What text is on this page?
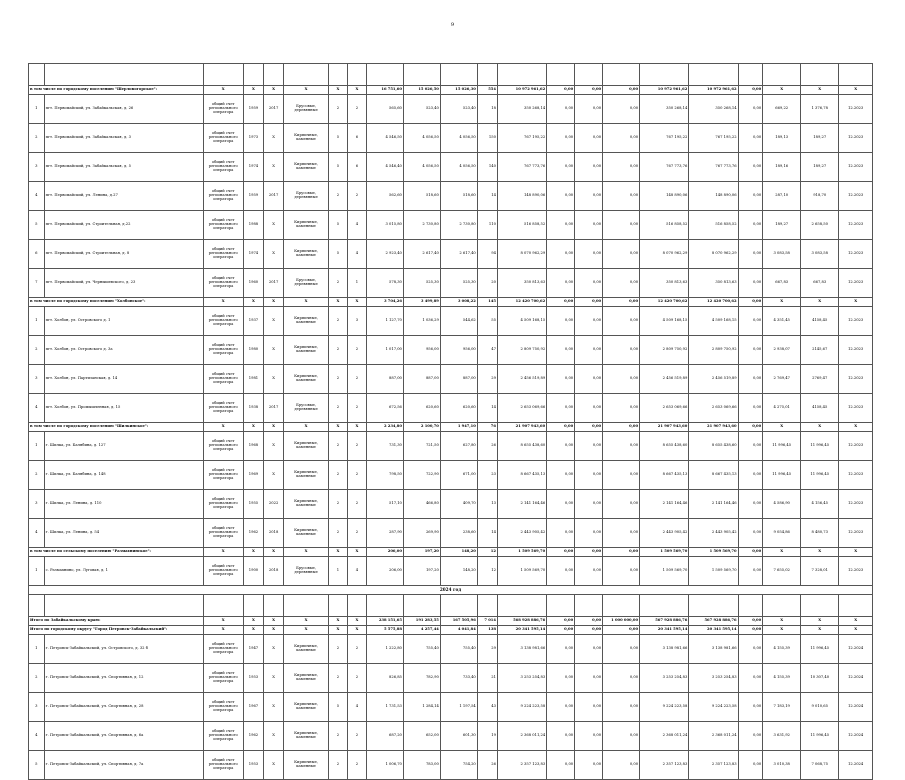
9

в том числе по городскому поселению "Шерловогорское":		X	X	X	X	X	X	16 751,60	15 026,50	15 026,30	554	10 972 961,62	0,00	0,00	0,00	10 972 961,62	10 972 961,62	0,00	X	X	X
1	пгт. Первомайский, ул. Забайкальская, д. 26	общий счет регионального оператора	1959	2017	Брусовые, деревянные	2	2	565,60	523,40	523,40	18	350 268,14	0,00	0,00	0,00	350 268,14	350 268,14	0,00	669,22	1 376,78	12.2023
2	пгт. Первомайский, ул. Забайкальская, д. 3	общий счет регионального оператора	1973	X	Кирпичные, каменные	5	6	4 546,50	4 056,50	4 056,50	150	767 195,22	0,00	0,00	0,00	767 195,22	767 195,22	0,00	189,13	189,27	12.2023
3	пгт. Первомайский, ул. Забайкальская, д. 5	общий счет регионального оператора	1974	X	Кирпичные, каменные	5	6	4 546,40	4 056,50	4 056,50	140	767 773,76	0,00	0,00	0,00	767 773,76	767 773,76	0,00	189,16	189,27	12.2023
4	пгт. Первомайский, ул. Ленина, д.27	общий счет регионального оператора	1959	2017	Брусовые, деревянные	2	2	562,60	518,60	518,60	14	148 890,06	0,00	0,00	0,00	148 890,06	148 890,06	0,00	287,10	918,70	12.2023
5	пгт. Первомайский, ул. Строительная, д.22	общий счет регионального оператора	1988	X	Кирпичные, каменные	5	4	3 015,80	2 730,80	2 730,80	110	516 858,52	0,00	0,00	0,00	516 858,52	516 858,52	0,00	189,27	2 658,50	12.2023
6	пгт. Первомайский, ул. Строительная, д. 8	общий счет регионального оператора	1974	X	Кирпичные, каменные	5	4	2 923,40	2 617,40	2 617,40	94	8 070 962,29	0,00	0,00	0,00	8 070 962,29	8 070 962,29	0,00	3 083,58	3 083,58	12.2023
7	пгт. Первомайский, ул. Чернышевского, д. 23	общий счет регионального оператора	1960	2017	Брусовые, деревянные	2	1	578,30	525,30	525,30	20	350 813,63	0,00	0,00	0,00	350 813,63	350 813,63	0,00	667,83	667,83	12.2023
в том числе по городскому поселению "Холбонское":		X	X	X	X	X	X	3 704,26	3 499,89	3 008,22	145	12 420 700,62	0,00	0,00	0,00	12 420 700,62	12 420 700,62	0,00	X	X	X
1	пгт. Холбон, ул. Островского д. 1	общий счет регионального оператора	1937	X	Кирпичные, каменные	2	3	1 127,70	1 036,29	544,62	55	4 509 168,15	0,00	0,00	0,00	4 509 168,15	4 509 168,15	0,00	4 351,45	4158,45	12.2023
2	пгт. Холбон, ул. Островского д. 3а	общий счет регионального оператора	1980	X	Кирпичные, каменные	2	2	1 017,00	956,00	956,00	47	2 809 750,92	0,00	0,00	0,00	2 809 750,92	2 809 750,92	0,00	2 938,07	2145,67	12.2023
3	пгт. Холбон, ул. Партизанская, д. 14	общий счет регионального оператора	1981	X	Кирпичные, каменные	2	2	887,00	887,00	887,00	29	2 456 519,89	0,00	0,00	0,00	2 456 519,89	2 456 519,89	0,00	2 769,47	2769,47	12.2023
4	пгт. Холбон, ул. Промышленная, д. 15	общий счет регионального оператора	1938	2017	Брусовые, деревянные	2	2	672,56	620,60	620,60	14	2 653 069,66	0,00	0,00	0,00	2 653 069,66	2 653 069,66	0,00	4 275,01	4158,45	12.2023
в том числе по городскому поселению "Шилкинское":		X	X	X	X	X	X	2 234,80	2 100,70	1 947,10	76	21 907 943,60	0,00	0,00	0,00	21 907 943,60	21 907 943,60	0,00	X	X	X
1	г. Шилка, ул. Балябина, д. 127	общий счет регионального оператора	1968	X	Кирпичные, каменные	2	2	731,30	721,50	627,80	26	8 655 438,60	0,00	0,00	0,00	8 655 438,60	8 655 438,60	0,00	11 996,45	11 996,45	12.2023
2	г. Шилка, ул. Балябина, д. 148	общий счет регионального оператора	1969	X	Кирпичные, каменные	2	2	798,50	722,90	671,00	23	8 667 435,13	0,00	0,00	0,00	8 667 435,13	8 667 435,13	0,00	11 996,45	11 996,45	12.2023
3	г. Шилка, ул. Ленина, д. 110	общий счет регионального оператора	1955	2022	Кирпичные, каменные	2	2	517,10	466,80	409,70	13	2 141 164,46	0,00	0,00	0,00	2 141 164,46	2 141 164,46	0,00	4 586,90	4 156,45	12.2023
4	г. Шилка, ул. Ленина, д. 54	общий счет регионального оператора	1962	2018	Кирпичные, каменные	2	2	287,90	269,90	238,60	14	2 443 905,42	0,00	0,00	0,00	2 443 905,42	2 443 905,42	0,00	9 054,86	8 480,73	12.2023
в том числе по сельскому поселению "Размахнинское":		X	X	X	X	X	X	206,00	197,20	148,20	12	1 509 569,70	0,00	0,00	0,00	1 509 569,70	1 509 569,70	0,00	X	X	X
1	с. Размахнино, ул. Луговая, д. 1	общий счет регионального оператора	1900	2018	Брусовые, деревянные	1	4	206,00	197,20	148,20	12	1 509 569,70	0,00	0,00	0,00	1 509 569,70	1 509 569,70	0,00	7 655,02	7 328,01	12.2023
2024 год																					

Итого по Забайкальскому краю:		X	X	X	X	X	X	238 151,65	191 283,55	167 505,96	7 014	568 928 886,76	0,00	0,00	1 000 000,00	567 928 886,76	567 928 886,76	0,00	X	X	X
Итого по городскому округу "Город Петровск-Забайкальский":		X	X	X	X	X	X	5 575,88	4 257,44	4 041,84	138	20 341 595,14	0,00	0,00	0,00	20 341 595,14	20 341 595,14	0,00	X	X	X
1	г. Петровск-Забайкальский, ул. Островского, д. 32 б	общий счет регионального оператора	1947	X	Кирпичные, каменные	2	2	1 222,80	755,40	755,40	29	3 138 981,66	0,00	0,00	0,00	3 138 981,66	3 138 981,66	0,00	4 155,39	11 996,45	12.2024
2	г. Петровск-Забайкальский, ул. Спортивная, д. 12	общий счет регионального оператора	1953	X	Кирпичные, каменные	2	2	826,85	782,90	733,40	21	3 253 254,83	0,00	0,00	0,00	3 253 254,83	3 253 254,83	0,00	4 155,39	10 307,40	12.2024
3	г. Петровск-Забайкальский, ул. Спортивная, д. 28	общий счет регионального оператора	1967	X	Кирпичные, каменные	5	4	1 731,53	1 284,14	1 197,54	43	9 224 223,58	0,00	0,00	0,00	9 224 223,58	9 224 223,58	0,00	7 183,19	9 010,65	12.2024
4	г. Петровск-Забайкальский, ул. Спортивная, д. 6а	общий счет регионального оператора	1962	X	Кирпичные, каменные	2	2	687,20	652,00	601,30	19	2 368 011,24	0,00	0,00	0,00	2 368 011,24	2 368 011,24	0,00	3 631,92	11 996,45	12.2024
5	г. Петровск-Забайкальский, ул. Спортивная, д. 7а	общий счет регионального оператора	1953	X	Кирпичные, каменные	2	2	1 006,70	783,00	754,20	26	2 357 123,83	0,00	0,00	0,00	2 357 123,83	2 357 123,83	0,00	3 010,38	7 068,75	12.2024
